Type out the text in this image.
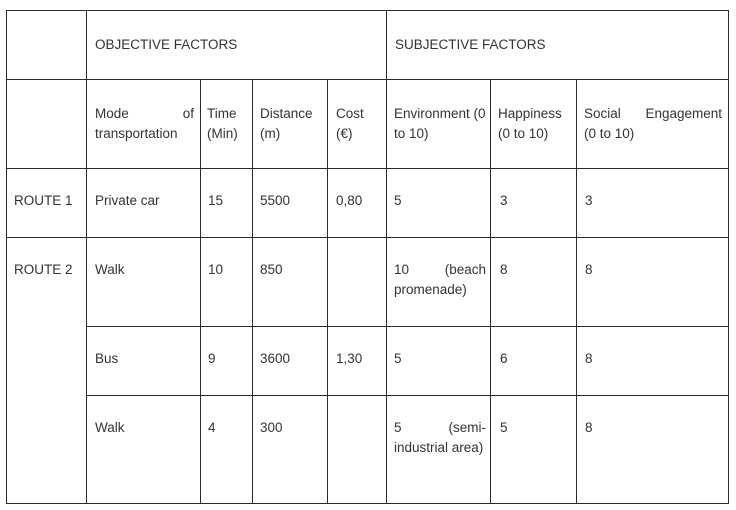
	OBJECTIVE FACTORS				SUBJECTIVE FACTORS		

	Mode of transportation	Time (Min)	Distance (m)	Cost (€)	Environment (0 to 10)	Happiness (0 to 10)	Social Engagement
(0 to 10)

ROUTE 1	Private car	15	5500	0,80	5	3	3

ROUTE 2	Walk	10	850		10 (beach promenade)	8	8

	Bus	9	3600	1,30	5	6	8

	Walk	4	300		5 (semi-industrial area)	5	8
